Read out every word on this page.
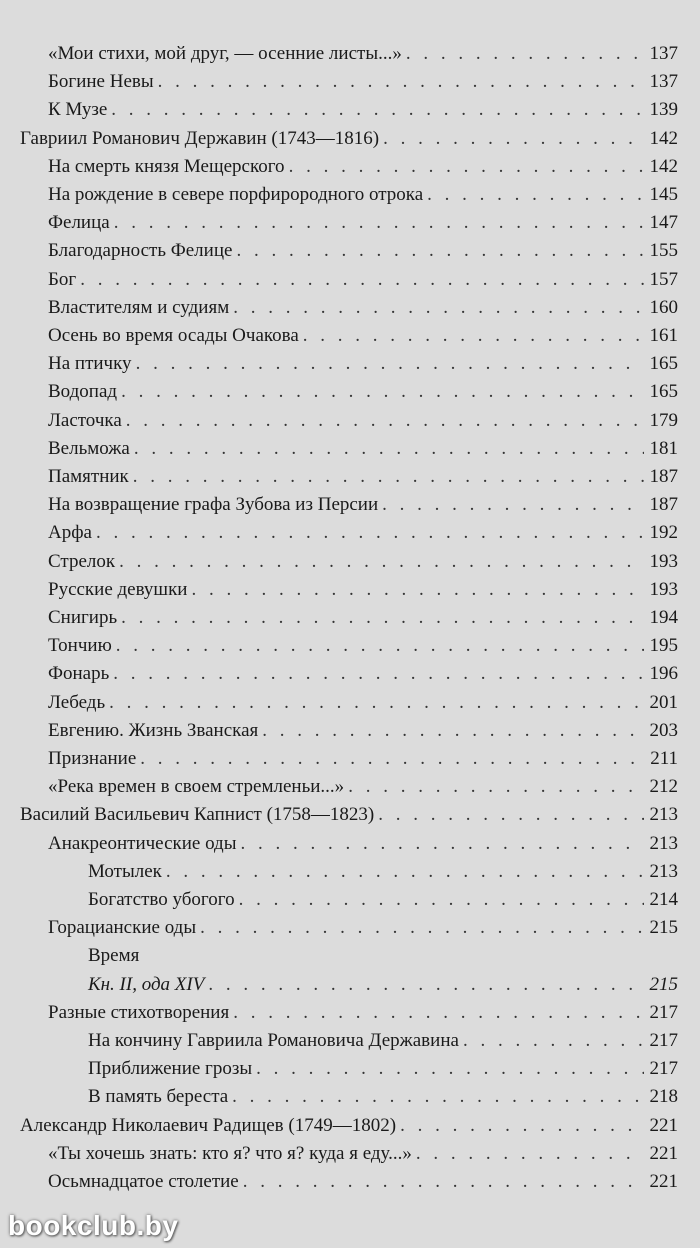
«Мои стихи, мой друг, — осенние листы...» . . .	137
Богине Невы . . .	137
К Музе . . .	139
Гавриил Романович Державин (1743—1816) . . .	142
На смерть князя Мещерского . . .	142
На рождение в севере порфирородного отрока . . .	145
Фелица . . .	147
Благодарность Фелице . . .	155
Бог . . .	157
Властителям и судиям . . .	160
Осень во время осады Очакова . . .	161
На птичку . . .	165
Водопад . . .	165
Ласточка . . .	179
Вельможа . . .	181
Памятник . . .	187
На возвращение графа Зубова из Персии . . .	187
Арфа . . .	192
Стрелок . . .	193
Русские девушки . . .	193
Снигирь . . .	194
Тончию . . .	195
Фонарь . . .	196
Лебедь . . .	201
Евгению. Жизнь Званская . . .	203
Признание . . .	211
«Река времен в своем стремленьи...» . . .	212
Василий Васильевич Капнист (1758—1823) . . .	213
Анакреонтические оды . . .	213
Мотылек . . .	213
Богатство убогого . . .	214
Горацианские оды . . .	215
Время
Кн. II, ода XIV . . .	215
Разные стихотворения . . .	217
На кончину Гавриила Романовича Державина . . .	217
Приближение грозы . . .	217
В память береста . . .	218
Александр Николаевич Радищев (1749—1802) . . .	221
«Ты хочешь знать: кто я? что я? куда я еду...» . . .	221
Осьмнадцатое столетие . . .	221
bookclub.by
